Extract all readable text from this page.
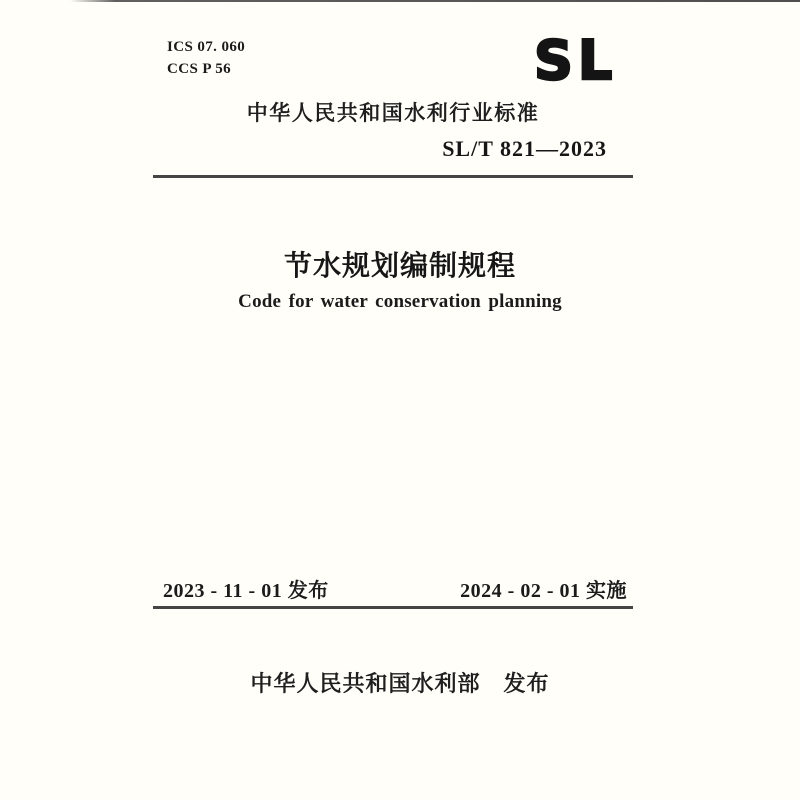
ICS 07. 060
CCS P 56	SL
中华人民共和国水利行业标准
SL/T 821—2023
节水规划编制规程
Code for water conservation planning
2023 - 11 - 01 发布	2024 - 02 - 01 实施
中华人民共和国水利部　发布
